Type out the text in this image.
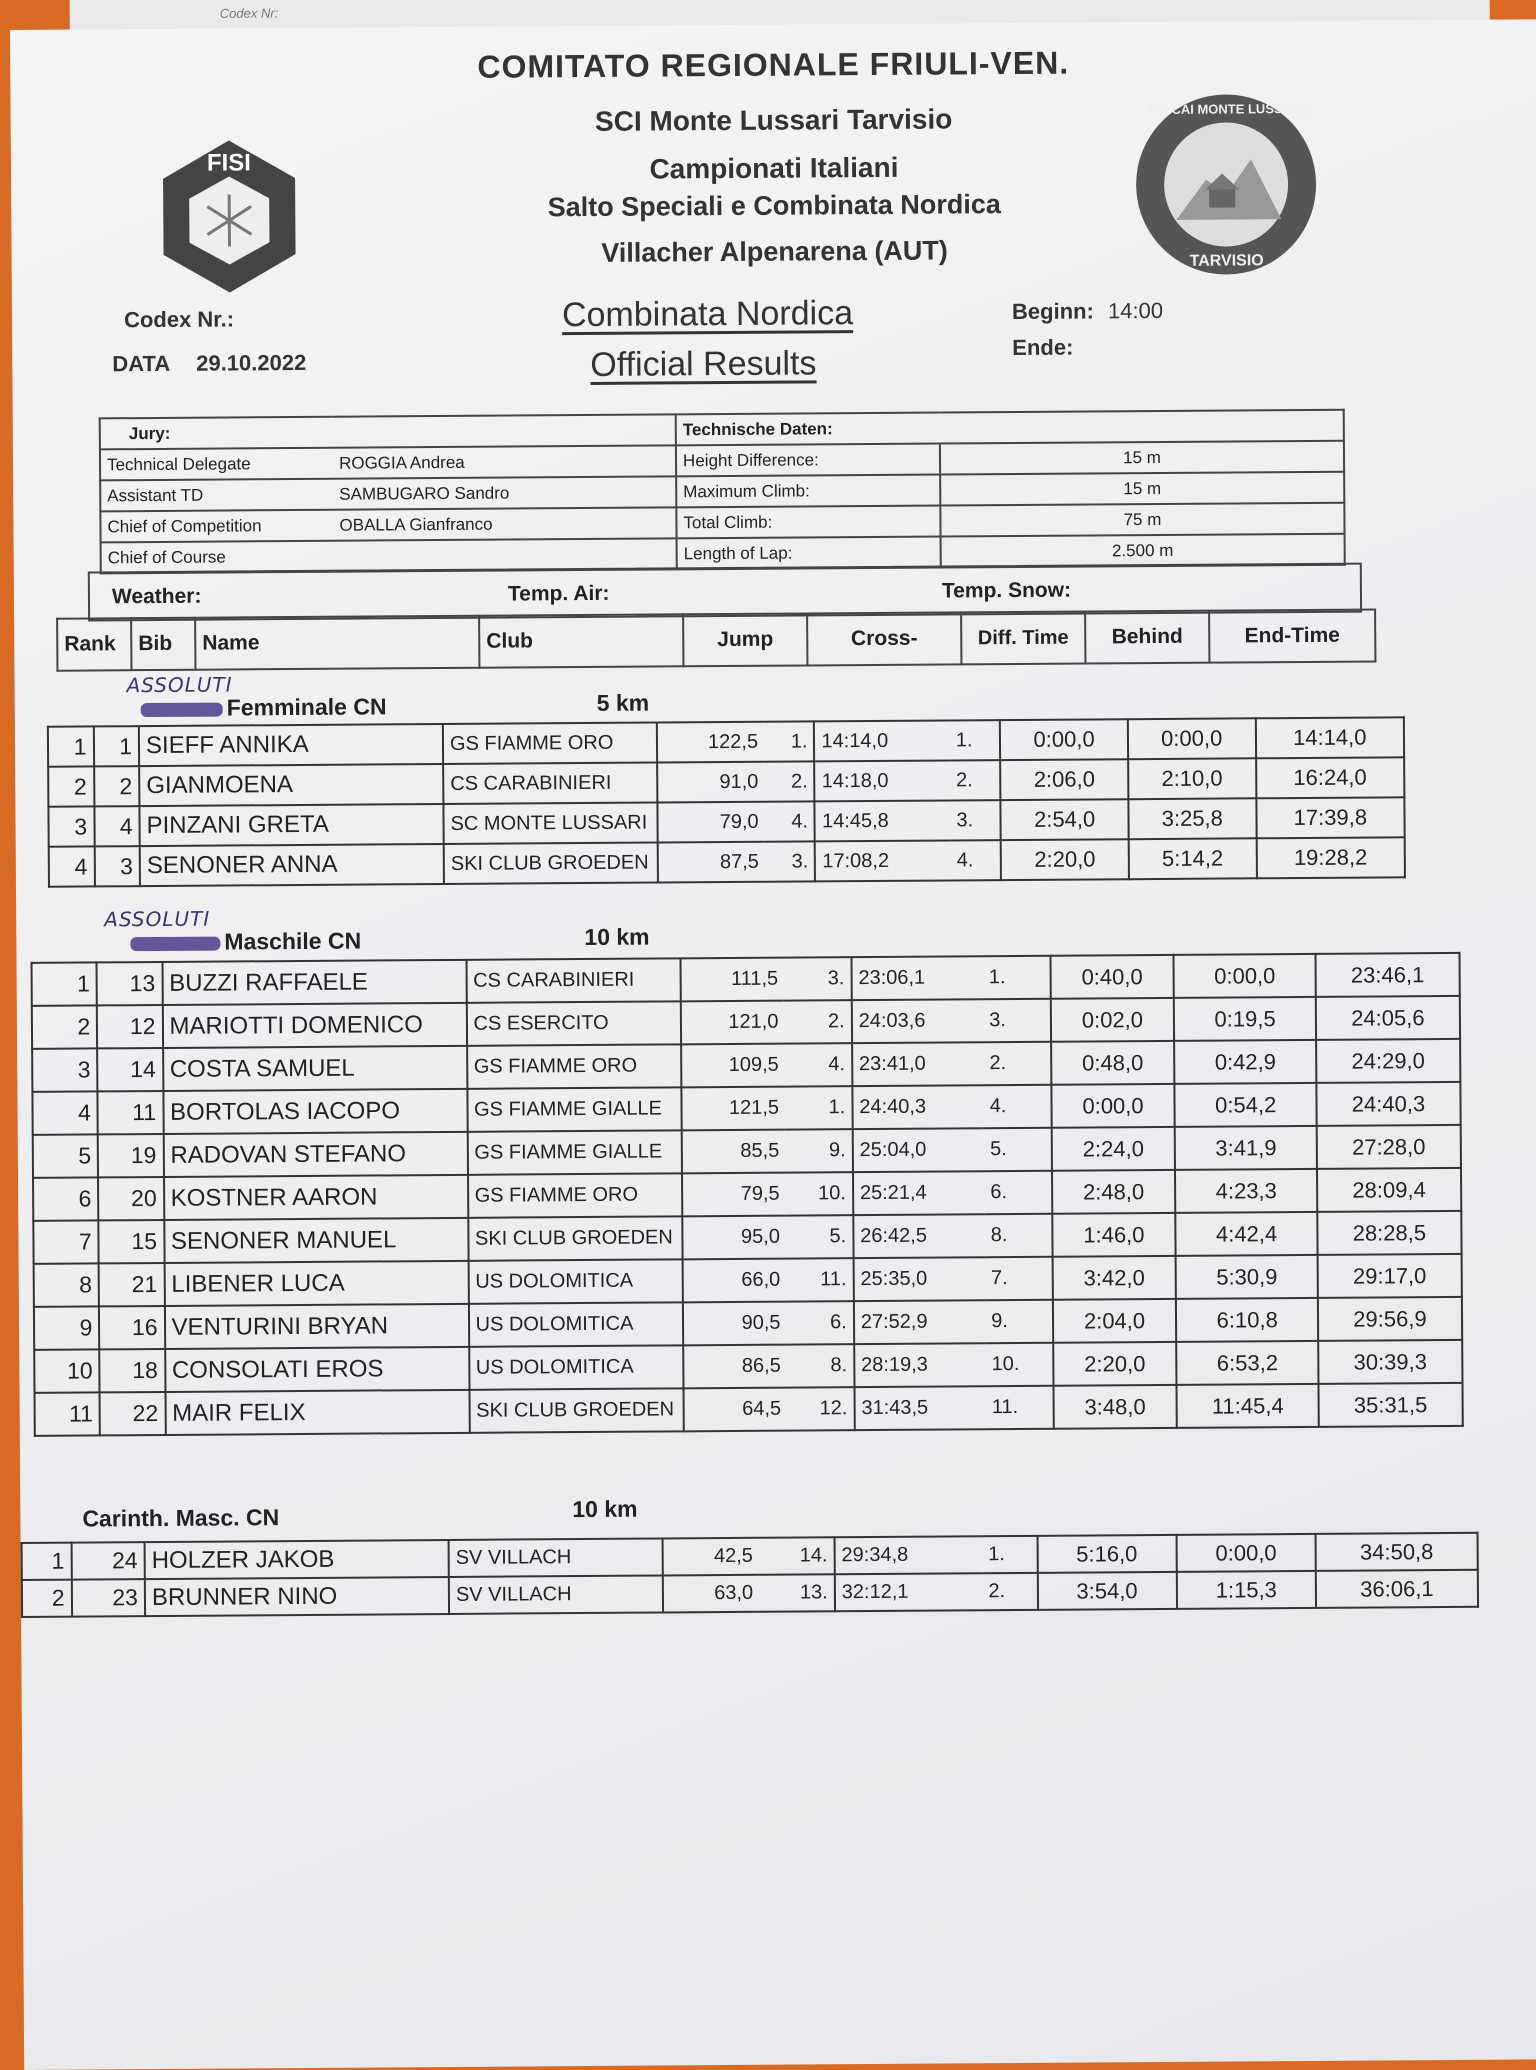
Codex Nr:
COMITATO REGIONALE FRIULI-VEN.
SCI Monte Lussari Tarvisio
Campionati Italiani
Salto Speciali e Combinata Nordica
Villacher Alpenarena (AUT)
FISI
SCI CAI MONTE LUSSARI
TARVISIO
Codex Nr.:
DATA 29.10.2022
Combinata Nordica
Official Results
Beginn: 14:00
Ende:
Jury:		Technische Daten:	
Technical Delegate	ROGGIA Andrea	Height Difference:	15 m
Assistant TD	SAMBUGARO Sandro	Maximum Climb:	15 m
Chief of Competition	OBALLA Gianfranco	Total Climb:	75 m
Chief of Course		Length of Lap:	2.500 m
Weather:	Temp. Air:	Temp. Snow:
Rank	Bib	Name	Club	Jump	Cross-	Diff. Time	Behind	End-Time
ASSOLUTI
Femminale CN	5 km
1	1	SIEFF ANNIKA	GS FIAMME ORO	122,5	1.	14:14,0	1.	0:00,0	0:00,0	14:14,0
2	2	GIANMOENA	CS CARABINIERI	91,0	2.	14:18,0	2.	2:06,0	2:10,0	16:24,0
3	4	PINZANI GRETA	SC MONTE LUSSARI	79,0	4.	14:45,8	3.	2:54,0	3:25,8	17:39,8
4	3	SENONER ANNA	SKI CLUB GROEDEN	87,5	3.	17:08,2	4.	2:20,0	5:14,2	19:28,2
ASSOLUTI
Maschile CN	10 km
1	13	BUZZI RAFFAELE	CS CARABINIERI	111,5	3.	23:06,1	1.	0:40,0	0:00,0	23:46,1
2	12	MARIOTTI DOMENICO	CS ESERCITO	121,0	2.	24:03,6	3.	0:02,0	0:19,5	24:05,6
3	14	COSTA SAMUEL	GS FIAMME ORO	109,5	4.	23:41,0	2.	0:48,0	0:42,9	24:29,0
4	11	BORTOLAS IACOPO	GS FIAMME GIALLE	121,5	1.	24:40,3	4.	0:00,0	0:54,2	24:40,3
5	19	RADOVAN STEFANO	GS FIAMME GIALLE	85,5	9.	25:04,0	5.	2:24,0	3:41,9	27:28,0
6	20	KOSTNER AARON	GS FIAMME ORO	79,5	10.	25:21,4	6.	2:48,0	4:23,3	28:09,4
7	15	SENONER MANUEL	SKI CLUB GROEDEN	95,0	5.	26:42,5	8.	1:46,0	4:42,4	28:28,5
8	21	LIBENER LUCA	US DOLOMITICA	66,0	11.	25:35,0	7.	3:42,0	5:30,9	29:17,0
9	16	VENTURINI BRYAN	US DOLOMITICA	90,5	6.	27:52,9	9.	2:04,0	6:10,8	29:56,9
10	18	CONSOLATI EROS	US DOLOMITICA	86,5	8.	28:19,3	10.	2:20,0	6:53,2	30:39,3
11	22	MAIR FELIX	SKI CLUB GROEDEN	64,5	12.	31:43,5	11.	3:48,0	11:45,4	35:31,5
Carinth. Masc. CN	10 km
1	24	HOLZER JAKOB	SV VILLACH	42,5	14.	29:34,8	1.	5:16,0	0:00,0	34:50,8
2	23	BRUNNER NINO	SV VILLACH	63,0	13.	32:12,1	2.	3:54,0	1:15,3	36:06,1
